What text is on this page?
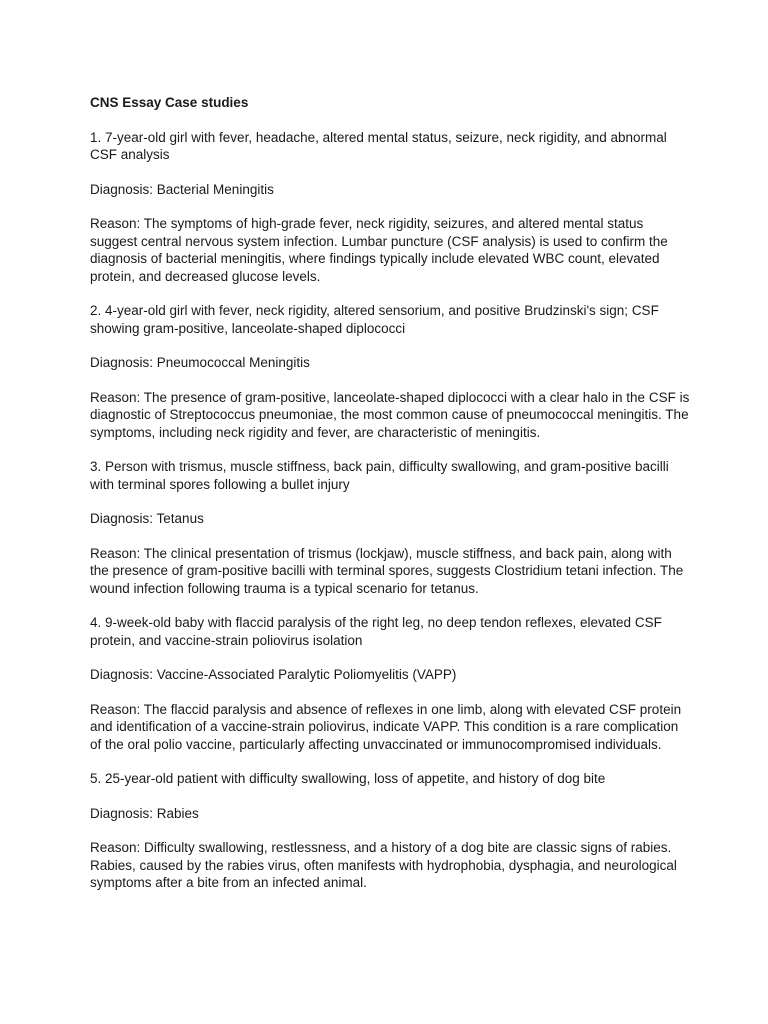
CNS Essay Case studies
1. 7-year-old girl with fever, headache, altered mental status, seizure, neck rigidity, and abnormal CSF analysis
Diagnosis: Bacterial Meningitis
Reason: The symptoms of high-grade fever, neck rigidity, seizures, and altered mental status suggest central nervous system infection. Lumbar puncture (CSF analysis) is used to confirm the diagnosis of bacterial meningitis, where findings typically include elevated WBC count, elevated protein, and decreased glucose levels.
2. 4-year-old girl with fever, neck rigidity, altered sensorium, and positive Brudzinski's sign; CSF showing gram-positive, lanceolate-shaped diplococci
Diagnosis: Pneumococcal Meningitis
Reason: The presence of gram-positive, lanceolate-shaped diplococci with a clear halo in the CSF is diagnostic of Streptococcus pneumoniae, the most common cause of pneumococcal meningitis. The symptoms, including neck rigidity and fever, are characteristic of meningitis.
3. Person with trismus, muscle stiffness, back pain, difficulty swallowing, and gram-positive bacilli with terminal spores following a bullet injury
Diagnosis: Tetanus
Reason: The clinical presentation of trismus (lockjaw), muscle stiffness, and back pain, along with the presence of gram-positive bacilli with terminal spores, suggests Clostridium tetani infection. The wound infection following trauma is a typical scenario for tetanus.
4. 9-week-old baby with flaccid paralysis of the right leg, no deep tendon reflexes, elevated CSF protein, and vaccine-strain poliovirus isolation
Diagnosis: Vaccine-Associated Paralytic Poliomyelitis (VAPP)
Reason: The flaccid paralysis and absence of reflexes in one limb, along with elevated CSF protein and identification of a vaccine-strain poliovirus, indicate VAPP. This condition is a rare complication of the oral polio vaccine, particularly affecting unvaccinated or immunocompromised individuals.
5. 25-year-old patient with difficulty swallowing, loss of appetite, and history of dog bite
Diagnosis: Rabies
Reason: Difficulty swallowing, restlessness, and a history of a dog bite are classic signs of rabies. Rabies, caused by the rabies virus, often manifests with hydrophobia, dysphagia, and neurological symptoms after a bite from an infected animal.
